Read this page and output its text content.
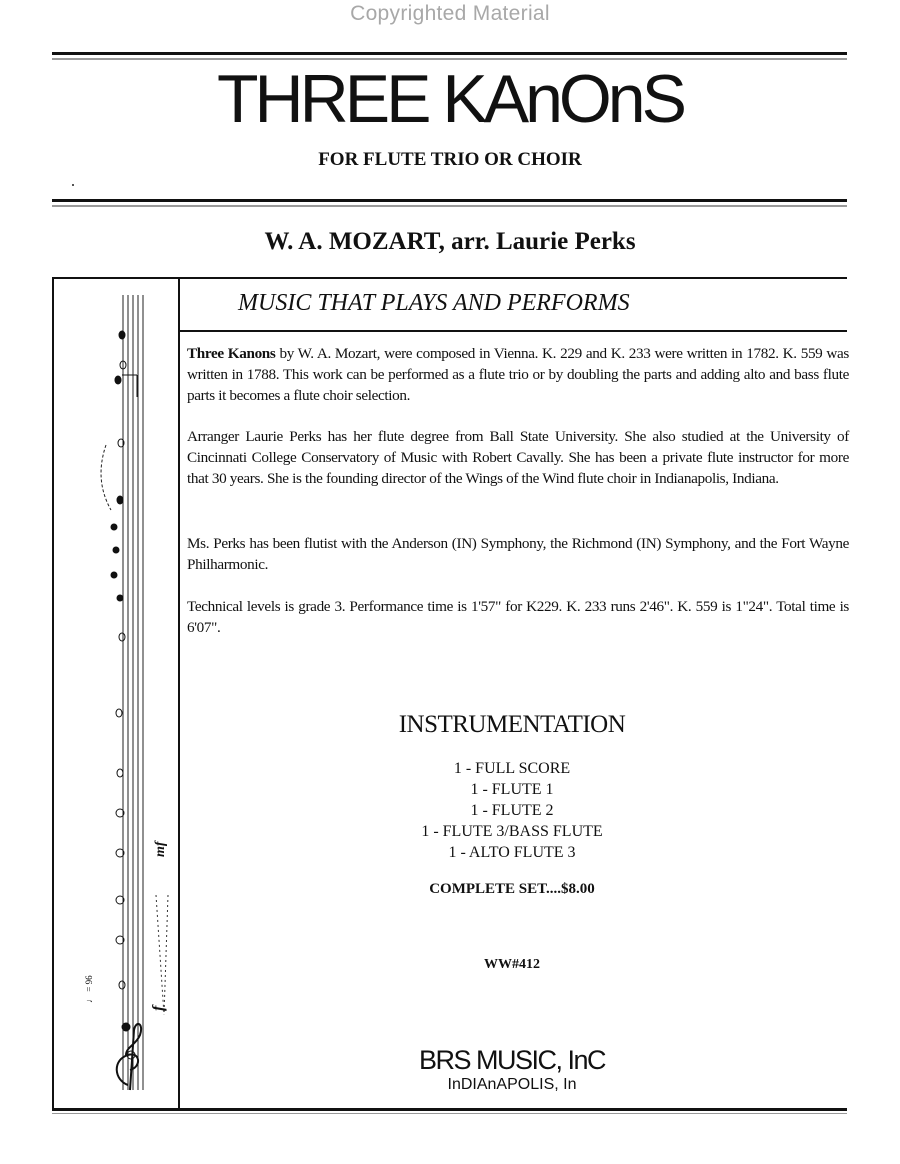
Copyrighted Material
THREE KAnOnS
FOR FLUTE TRIO OR CHOIR
W. A. MOZART, arr. Laurie Perks
MUSIC THAT PLAYS AND PERFORMS
f
mf
♩ = 96
Three Kanons by W. A. Mozart, were composed in Vienna. K. 229 and K. 233 were written in 1782. K. 559 was written in 1788. This work can be performed as a flute trio or by doubling the parts and adding alto and bass flute parts it becomes a flute choir selection.
Arranger Laurie Perks has her flute degree from Ball State University. She also studied at the University of Cincinnati College Conservatory of Music with Robert Cavally. She has been a private flute instructor for more that 30 years. She is the founding director of the Wings of the Wind flute choir in Indianapolis, Indiana.
Ms. Perks has been flutist with the Anderson (IN) Symphony, the Richmond (IN) Symphony, and the Fort Wayne Philharmonic.
Technical levels is grade 3. Performance time is 1'57" for K229. K. 233 runs 2'46". K. 559 is 1"24". Total time is 6'07".
INSTRUMENTATION
1 - FULL SCORE
1 - FLUTE 1
1 - FLUTE 2
1 - FLUTE 3/BASS FLUTE
1 - ALTO FLUTE 3
COMPLETE SET....$8.00
WW#412
BRS MUSIC, InC
InDIAnAPOLIS, In
